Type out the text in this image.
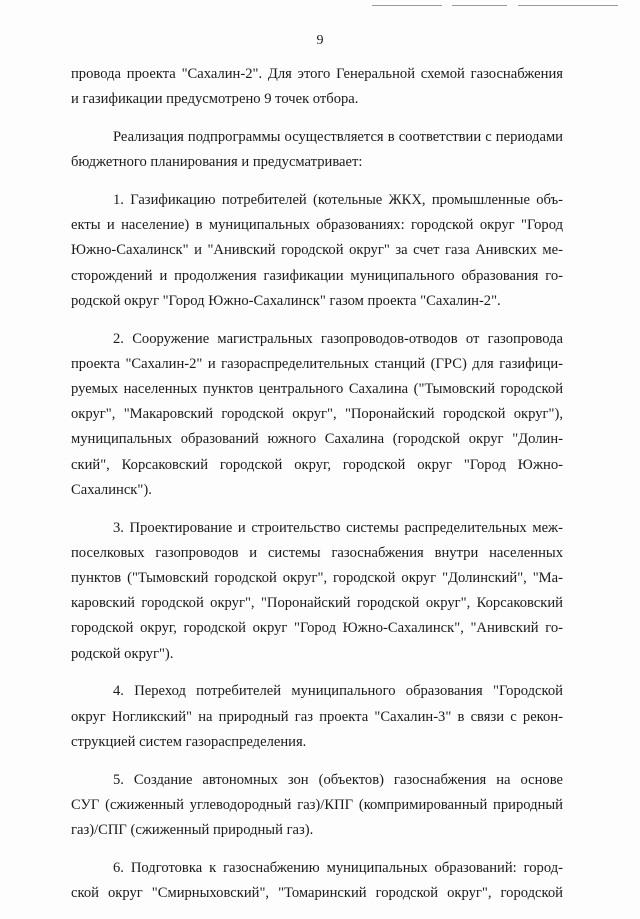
9
провода проекта "Сахалин-2". Для этого Генеральной схемой газоснабжения
и газификации предусмотрено 9 точек отбора.
Реализация подпрограммы осуществляется в соответствии с периодами
бюджетного планирования и предусматривает:
1. Газификацию потребителей (котельные ЖКХ, промышленные объ-
екты и население) в муниципальных образованиях: городской округ "Город
Южно-Сахалинск" и "Анивский городской округ" за счет газа Анивских ме-
сторождений и продолжения газификации муниципального образования го-
родской округ "Город Южно-Сахалинск" газом проекта "Сахалин-2".
2. Сооружение магистральных газопроводов-отводов от газопровода
проекта "Сахалин-2" и газораспределительных станций (ГРС) для газифици-
руемых населенных пунктов центрального Сахалина ("Тымовский городской
округ", "Макаровский городской округ", "Поронайский городской округ"),
муниципальных образований южного Сахалина (городской округ "Долин-
ский", Корсаковский городской округ, городской округ "Город Южно-
Сахалинск").
3. Проектирование и строительство системы распределительных меж-
поселковых газопроводов и системы газоснабжения внутри населенных
пунктов ("Тымовский городской округ", городской округ "Долинский", "Ма-
каровский городской округ", "Поронайский городской округ", Корсаковский
городской округ, городской округ "Город Южно-Сахалинск", "Анивский го-
родской округ").
4. Переход потребителей муниципального образования "Городской
округ Ногликский" на природный газ проекта "Сахалин-3" в связи с рекон-
струкцией систем газораспределения.
5. Создание автономных зон (объектов) газоснабжения на основе
СУГ (сжиженный углеводородный газ)/КПГ (компримированный природный
газ)/СПГ (сжиженный природный газ).
6. Подготовка к газоснабжению муниципальных образований: город-
ской округ "Смирныховский", "Томаринский городской округ", городской
